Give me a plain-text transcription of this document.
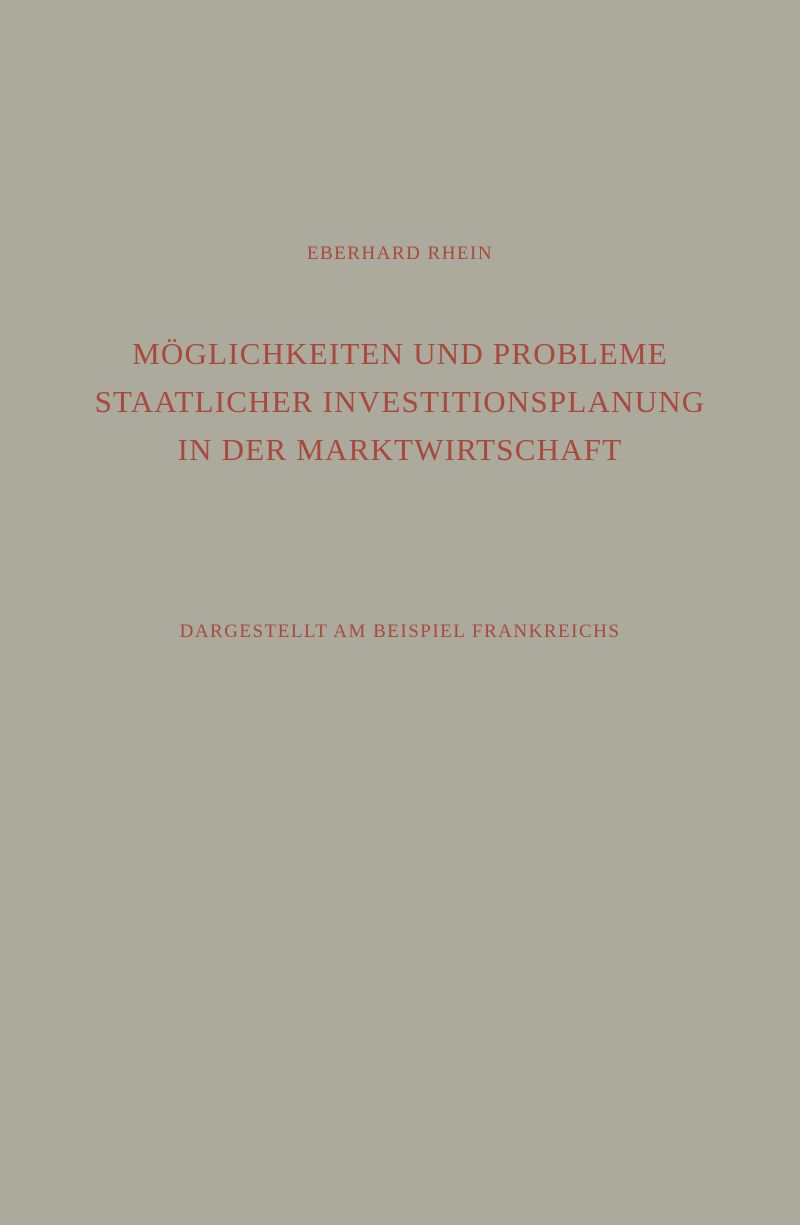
EBERHARD RHEIN
MÖGLICHKEITEN UND PROBLEME
STAATLICHER INVESTITIONSPLANUNG
IN DER MARKTWIRTSCHAFT
DARGESTELLT AM BEISPIEL FRANKREICHS
